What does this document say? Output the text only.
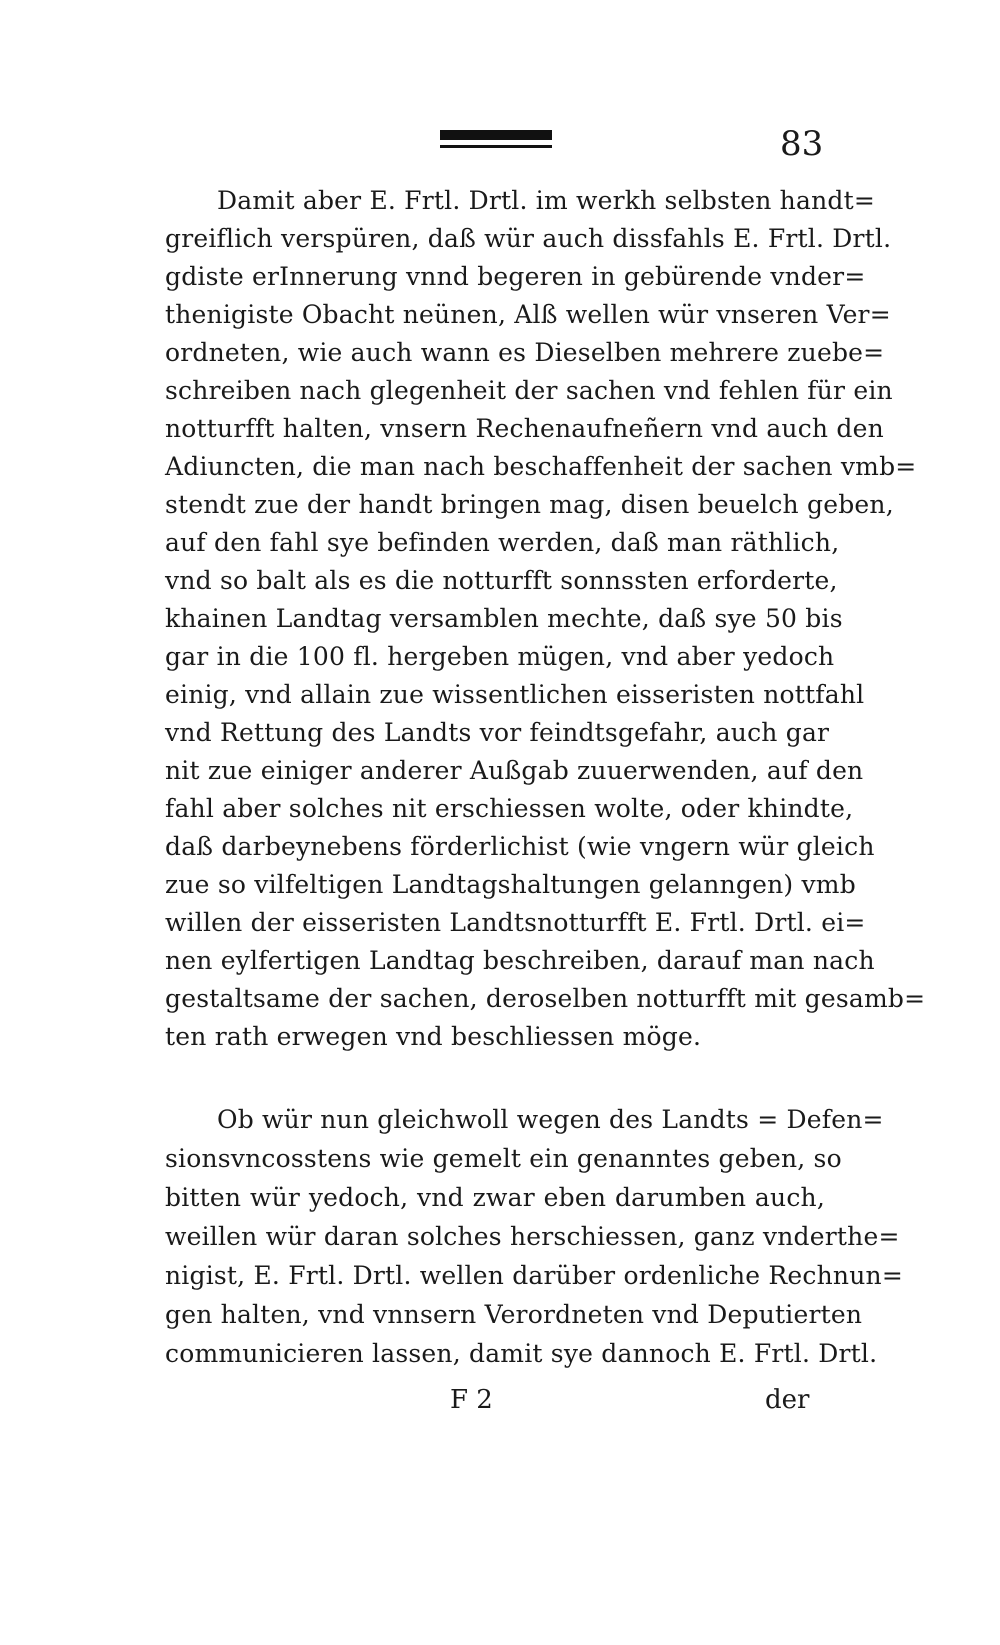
83
Damit aber E. Frtl. Drtl. im werkh selbsten handt=
greiflich verspüren, daß wür auch dissfahls E. Frtl. Drtl.
gdiste erInnerung vnnd begeren in gebürende vnder=
thenigiste Obacht neünen, Alß wellen wür vnseren Ver=
ordneten, wie auch wann es Dieselben mehrere zuebe=
schreiben nach glegenheit der sachen vnd fehlen für ein
notturfft halten, vnsern Rechenaufneñern vnd auch den
Adiuncten, die man nach beschaffenheit der sachen vmb=
stendt zue der handt bringen mag, disen beuelch geben,
auf den fahl sye befinden werden, daß man räthlich,
vnd so balt als es die notturfft sonnssten erforderte,
khainen Landtag versamblen mechte, daß sye 50 bis
gar in die 100 fl. hergeben mügen, vnd aber yedoch
einig, vnd allain zue wissentlichen eisseristen nottfahl
vnd Rettung des Landts vor feindtsgefahr, auch gar
nit zue einiger anderer Außgab zuuerwenden, auf den
fahl aber solches nit erschiessen wolte, oder khindte,
daß darbeynebens förderlichist (wie vngern wür gleich
zue so vilfeltigen Landtagshaltungen gelanngen) vmb
willen der eisseristen Landtsnotturfft E. Frtl. Drtl. ei=
nen eylfertigen Landtag beschreiben, darauf man nach
gestaltsame der sachen, deroselben notturfft mit gesamb=
ten rath erwegen vnd beschliessen möge.
Ob wür nun gleichwoll wegen des Landts = Defen=
sionsvncosstens wie gemelt ein genanntes geben, so
bitten wür yedoch, vnd zwar eben darumben auch,
weillen wür daran solches herschiessen, ganz vnderthe=
nigist, E. Frtl. Drtl. wellen darüber ordenliche Rechnun=
gen halten, vnd vnnsern Verordneten vnd Deputierten
communicieren lassen, damit sye dannoch E. Frtl. Drtl.
F 2	der
